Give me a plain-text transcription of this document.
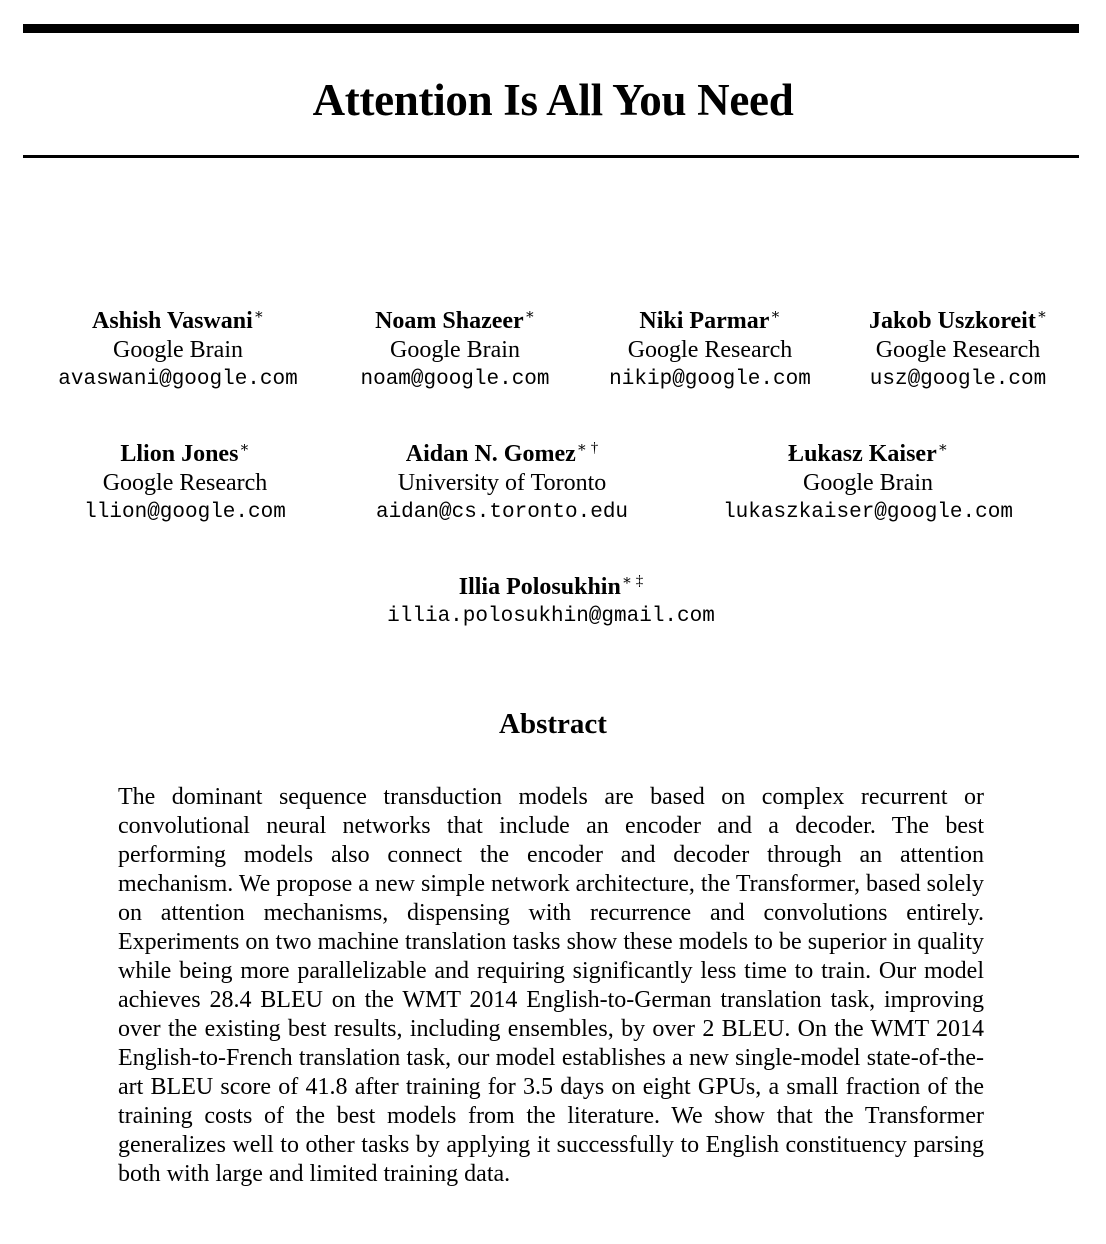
Attention Is All You Need
Ashish Vaswani∗
Google Brain
avaswani@google.com
Noam Shazeer∗
Google Brain
noam@google.com
Niki Parmar∗
Google Research
nikip@google.com
Jakob Uszkoreit∗
Google Research
usz@google.com
Llion Jones∗
Google Research
llion@google.com
Aidan N. Gomez∗ †
University of Toronto
aidan@cs.toronto.edu
Łukasz Kaiser∗
Google Brain
lukaszkaiser@google.com
Illia Polosukhin∗ ‡
illia.polosukhin@gmail.com
Abstract

The dominant sequence transduction models are based on complex recurrent or convolutional neural networks that include an encoder and a decoder. The best performing models also connect the encoder and decoder through an attention mechanism. We propose a new simple network architecture, the Transformer, based solely on attention mechanisms, dispensing with recurrence and convolutions entirely. Experiments on two machine translation tasks show these models to be superior in quality while being more parallelizable and requiring significantly less time to train. Our model achieves 28.4 BLEU on the WMT 2014 English-to-German translation task, improving over the existing best results, including ensembles, by over 2 BLEU. On the WMT 2014 English-to-French translation task, our model establishes a new single-model state-of-the-art BLEU score of 41.8 after training for 3.5 days on eight GPUs, a small fraction of the training costs of the best models from the literature. We show that the Transformer generalizes well to other tasks by applying it successfully to English constituency parsing both with large and limited training data.
